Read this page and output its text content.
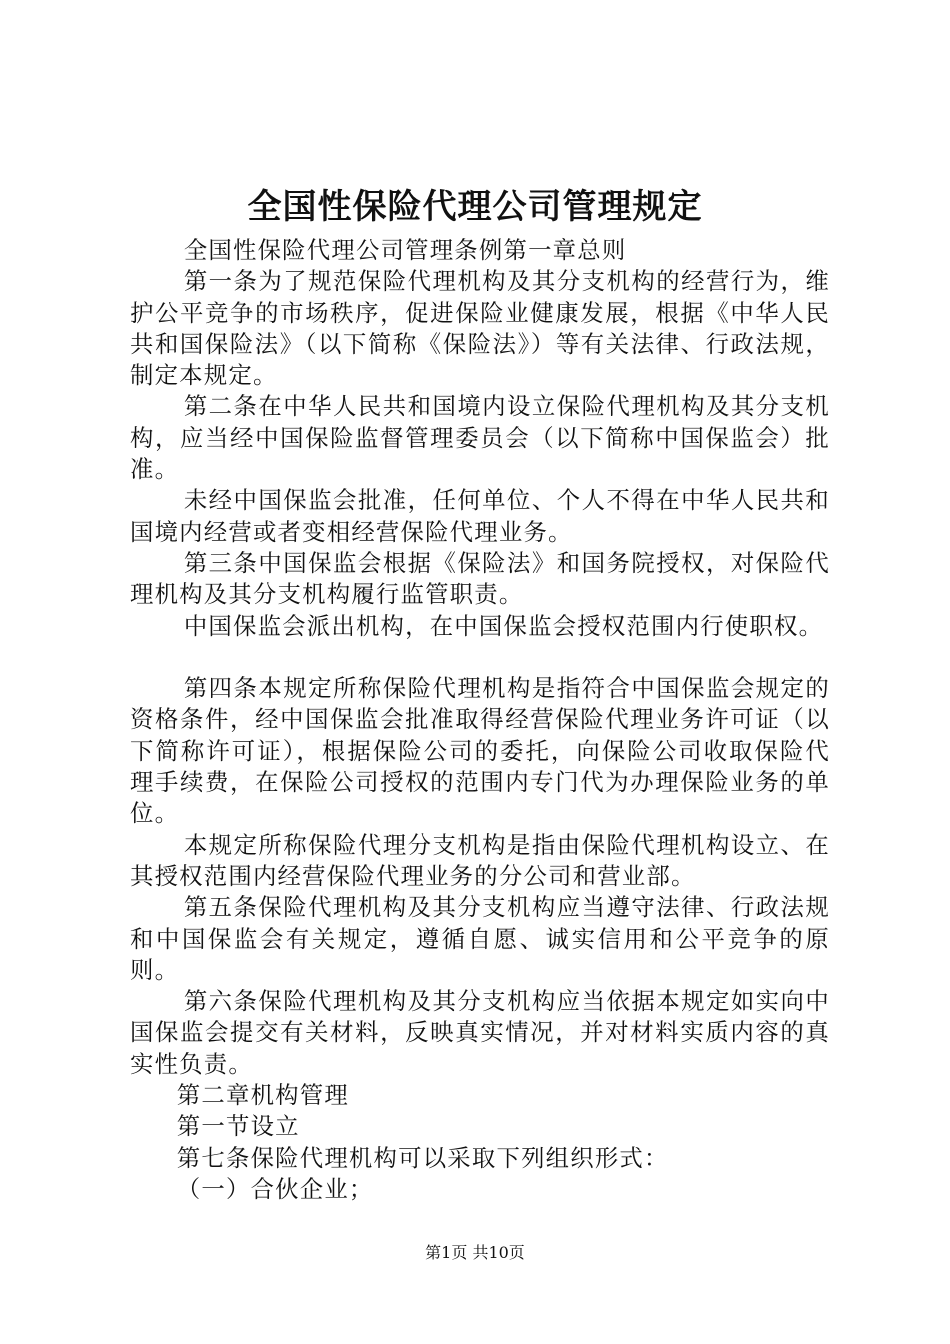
全国性保险代理公司管理规定

全国性保险代理公司管理条例第一章总则

第一条为了规范保险代理机构及其分支机构的经营行为，维护公平竞争的市场秩序，促进保险业健康发展，根据《中华人民共和国保险法》（以下简称《保险法》）等有关法律、行政法规，制定本规定。

第二条在中华人民共和国境内设立保险代理机构及其分支机构，应当经中国保险监督管理委员会（以下简称中国保监会）批准。

未经中国保监会批准，任何单位、个人不得在中华人民共和国境内经营或者变相经营保险代理业务。

第三条中国保监会根据《保险法》和国务院授权，对保险代理机构及其分支机构履行监管职责。

中国保监会派出机构，在中国保监会授权范围内行使职权。

第四条本规定所称保险代理机构是指符合中国保监会规定的资格条件，经中国保监会批准取得经营保险代理业务许可证（以下简称许可证），根据保险公司的委托，向保险公司收取保险代理手续费，在保险公司授权的范围内专门代为办理保险业务的单位。

本规定所称保险代理分支机构是指由保险代理机构设立、在其授权范围内经营保险代理业务的分公司和营业部。

第五条保险代理机构及其分支机构应当遵守法律、行政法规和中国保监会有关规定，遵循自愿、诚实信用和公平竞争的原则。

第六条保险代理机构及其分支机构应当依据本规定如实向中国保监会提交有关材料，反映真实情况，并对材料实质内容的真实性负责。

第二章机构管理

第一节设立

第七条保险代理机构可以采取下列组织形式：

（一）合伙企业；

第1页 共10页
